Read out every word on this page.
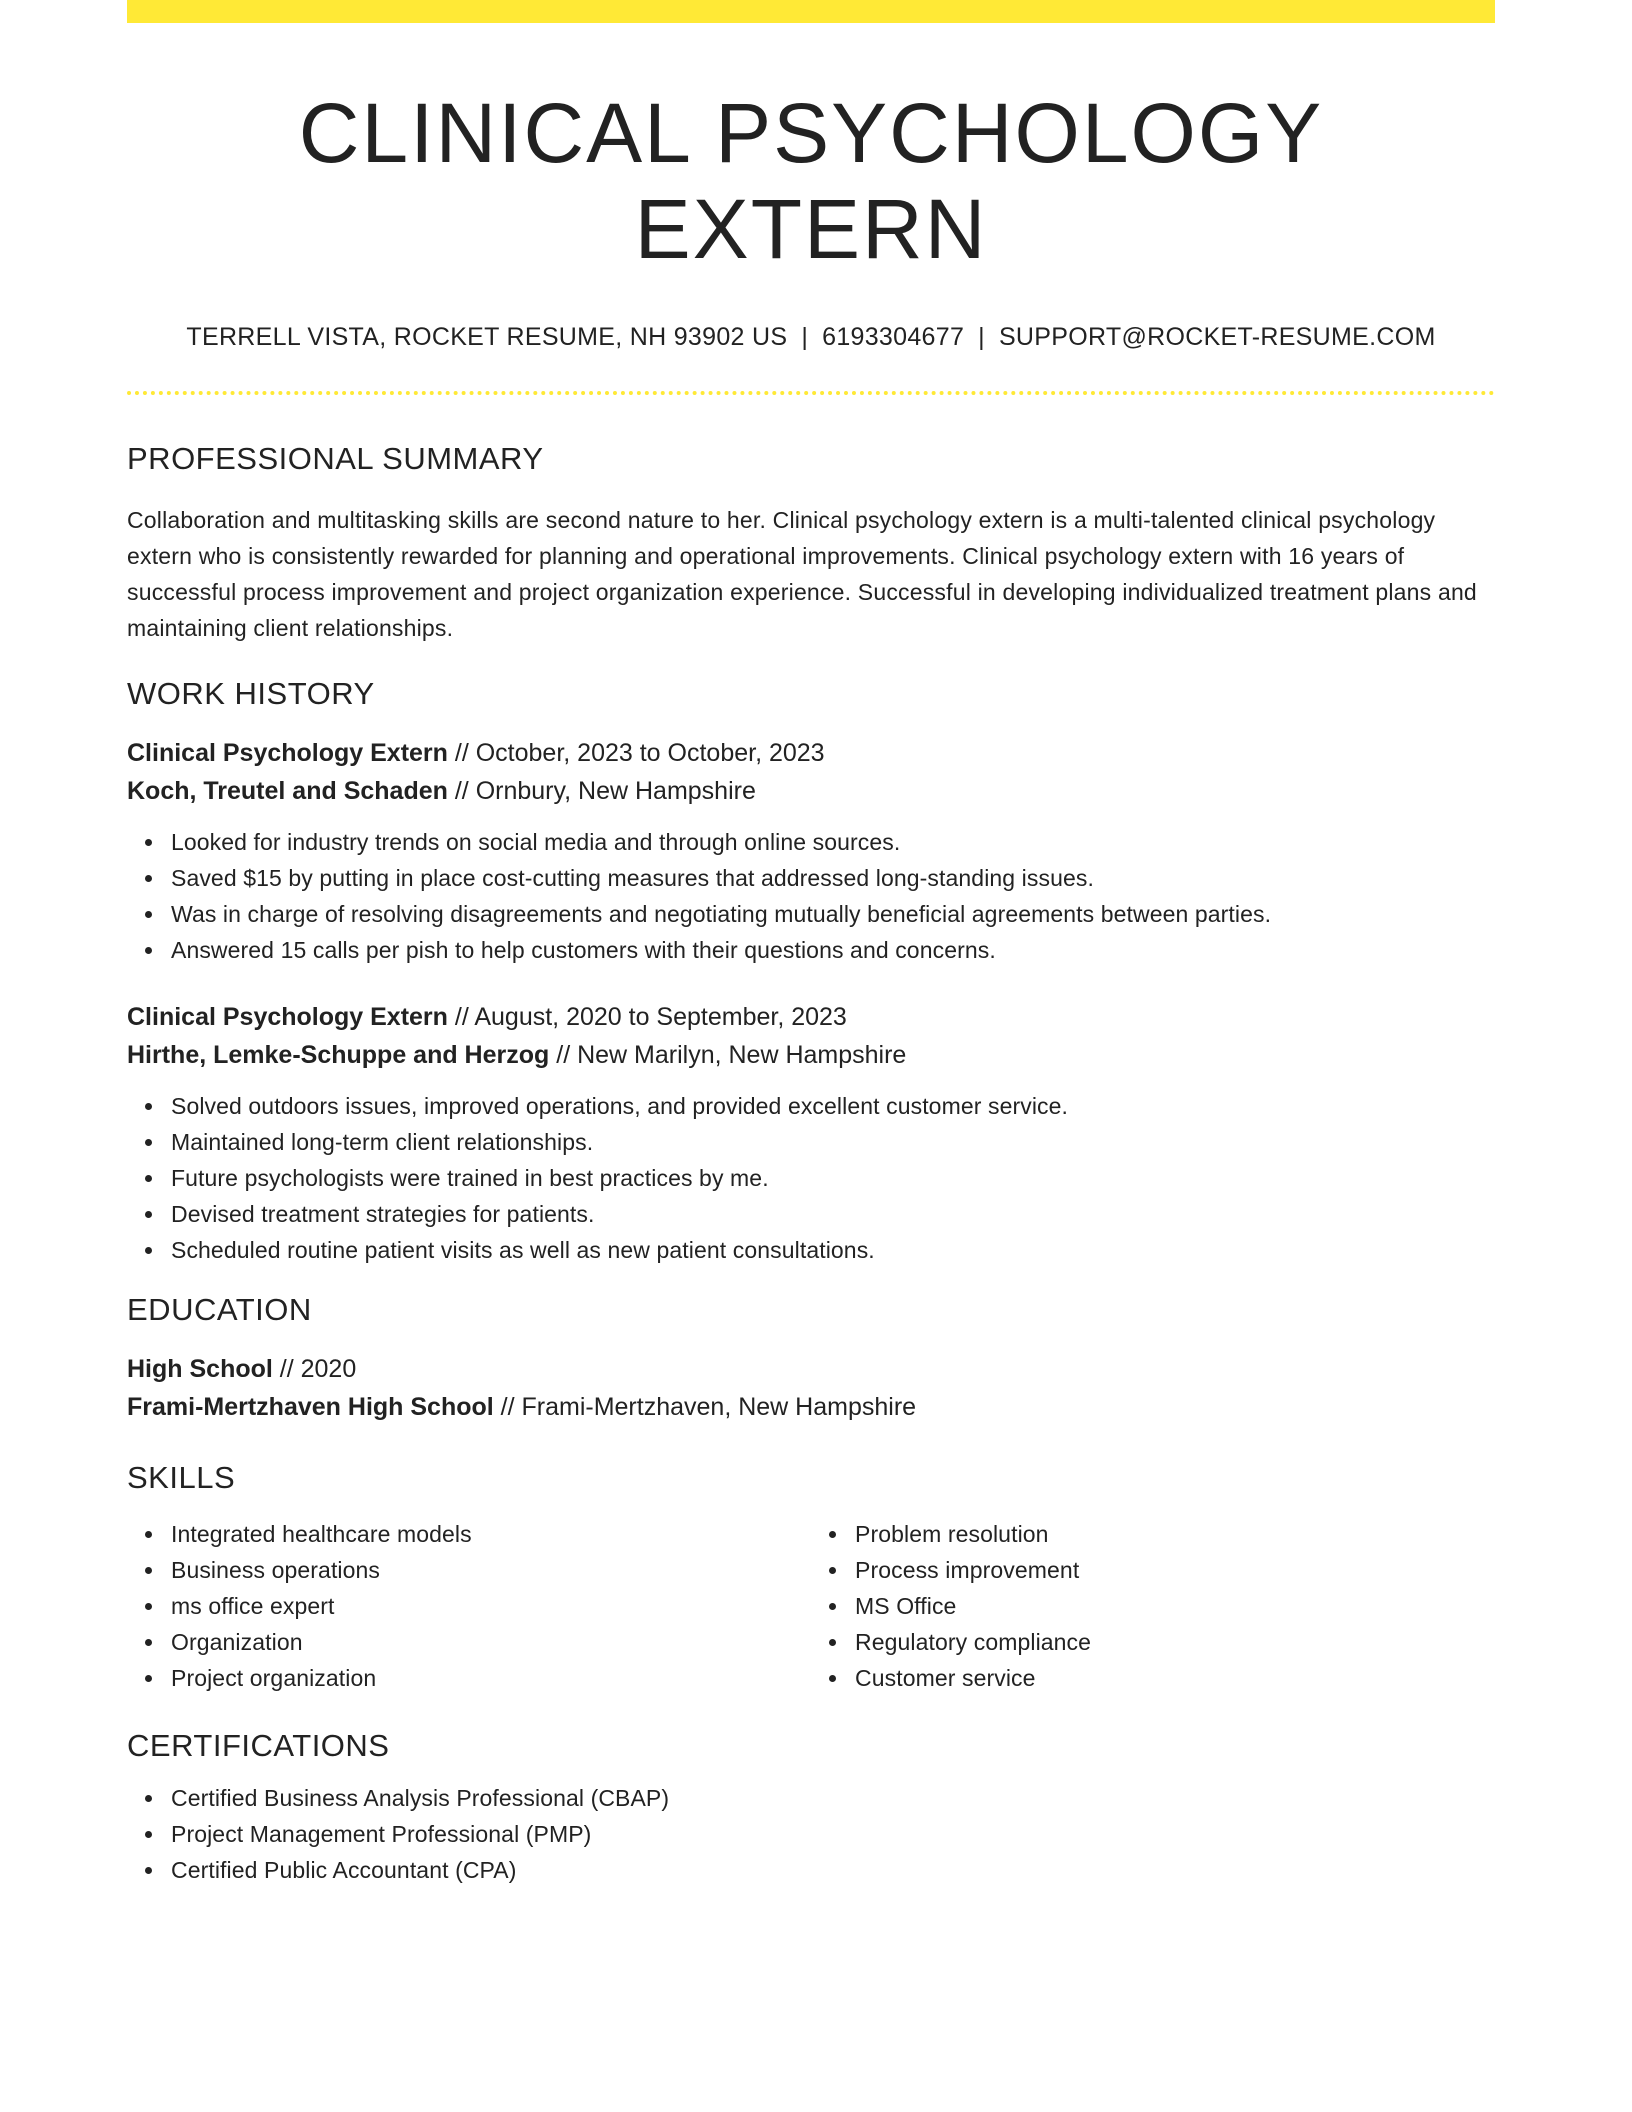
CLINICAL PSYCHOLOGY EXTERN
TERRELL VISTA, ROCKET RESUME, NH 93902 US | 6193304677 | SUPPORT@ROCKET-RESUME.COM
PROFESSIONAL SUMMARY
Collaboration and multitasking skills are second nature to her. Clinical psychology extern is a multi-talented clinical psychology extern who is consistently rewarded for planning and operational improvements. Clinical psychology extern with 16 years of successful process improvement and project organization experience. Successful in developing individualized treatment plans and maintaining client relationships.
WORK HISTORY
Clinical Psychology Extern // October, 2023 to October, 2023
Koch, Treutel and Schaden // Ornbury, New Hampshire
Looked for industry trends on social media and through online sources.
Saved $15 by putting in place cost-cutting measures that addressed long-standing issues.
Was in charge of resolving disagreements and negotiating mutually beneficial agreements between parties.
Answered 15 calls per pish to help customers with their questions and concerns.
Clinical Psychology Extern // August, 2020 to September, 2023
Hirthe, Lemke-Schuppe and Herzog // New Marilyn, New Hampshire
Solved outdoors issues, improved operations, and provided excellent customer service.
Maintained long-term client relationships.
Future psychologists were trained in best practices by me.
Devised treatment strategies for patients.
Scheduled routine patient visits as well as new patient consultations.
EDUCATION
High School // 2020
Frami-Mertzhaven High School // Frami-Mertzhaven, New Hampshire
SKILLS
Integrated healthcare models
Business operations
ms office expert
Organization
Project organization
Problem resolution
Process improvement
MS Office
Regulatory compliance
Customer service
CERTIFICATIONS
Certified Business Analysis Professional (CBAP)
Project Management Professional (PMP)
Certified Public Accountant (CPA)
